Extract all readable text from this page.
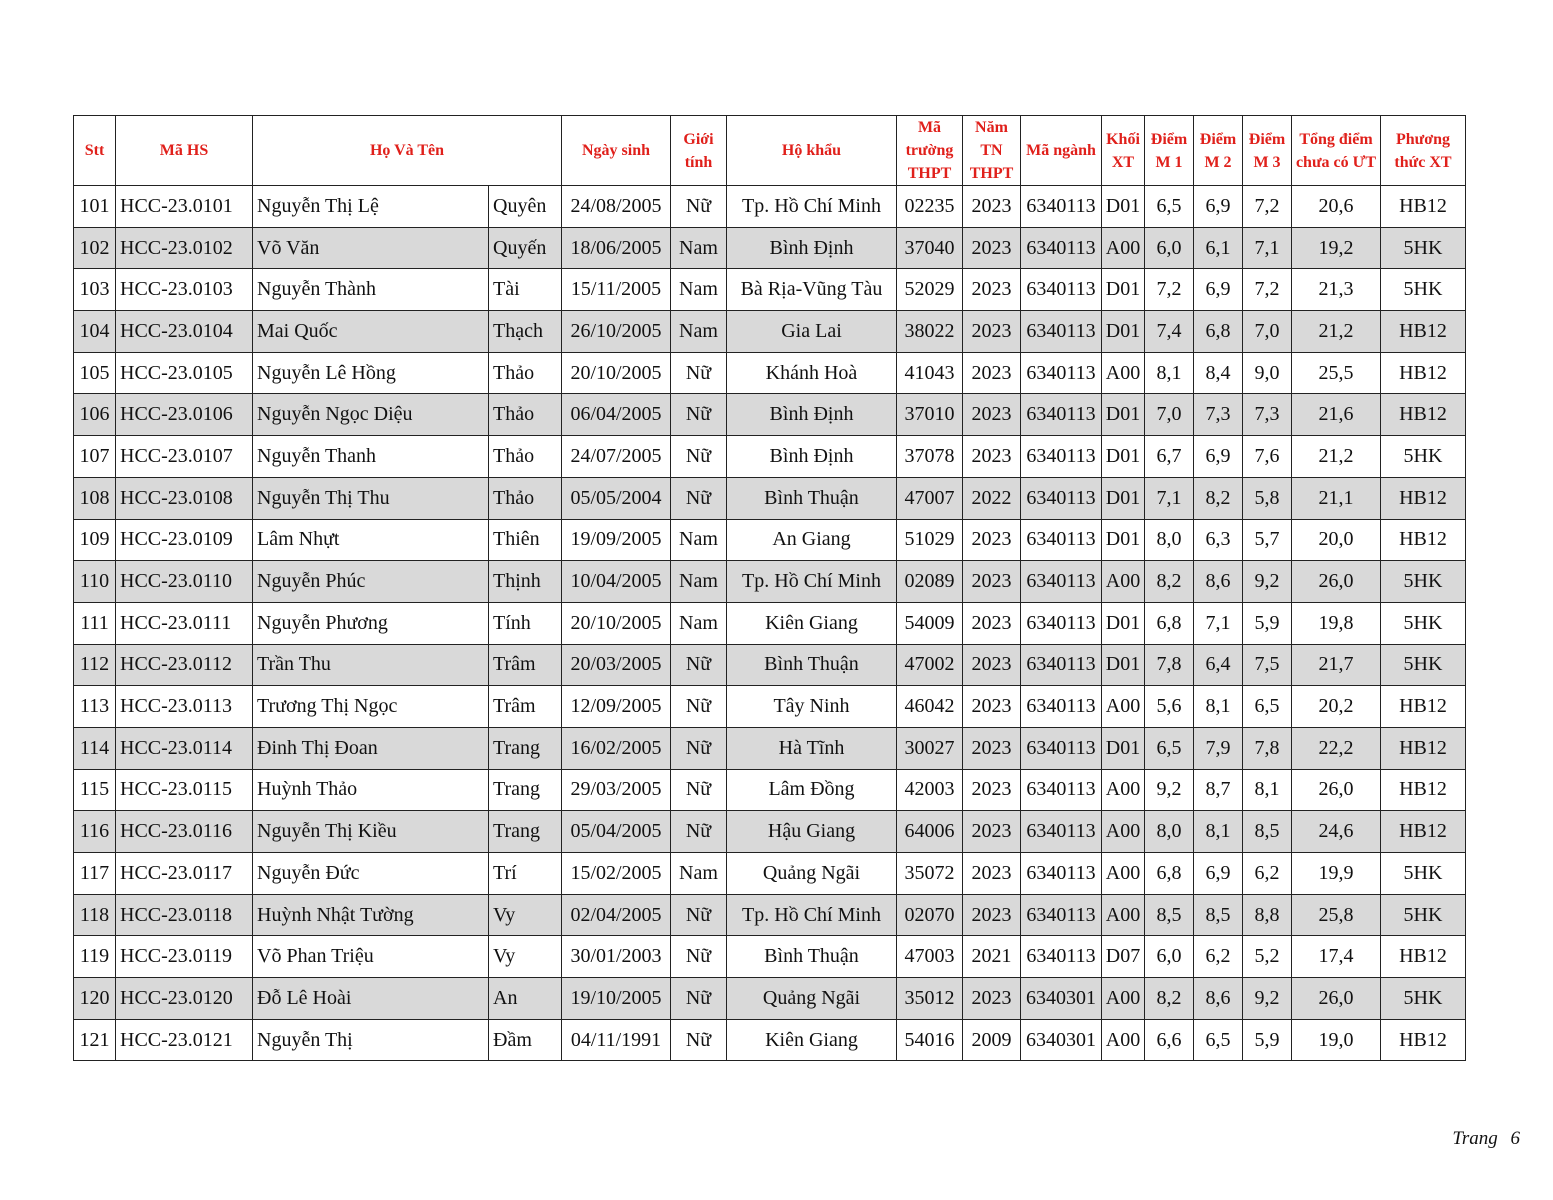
Stt	Mã HS	Họ Và Tên		Ngày sinh	Giới tính	Hộ khẩu	Mã trường THPT	Năm TN THPT	Mã ngành	Khối XT	Điểm M 1	Điểm M 2	Điểm M 3	Tổng điểm chưa có ƯT	Phương thức XT
101	HCC-23.0101	Nguyễn Thị Lệ	Quyên	24/08/2005	Nữ	Tp. Hồ Chí Minh	02235	2023	6340113	D01	6,5	6,9	7,2	20,6	HB12
102	HCC-23.0102	Võ Văn	Quyến	18/06/2005	Nam	Bình Định	37040	2023	6340113	A00	6,0	6,1	7,1	19,2	5HK
103	HCC-23.0103	Nguyễn Thành	Tài	15/11/2005	Nam	Bà Rịa-Vũng Tàu	52029	2023	6340113	D01	7,2	6,9	7,2	21,3	5HK
104	HCC-23.0104	Mai Quốc	Thạch	26/10/2005	Nam	Gia Lai	38022	2023	6340113	D01	7,4	6,8	7,0	21,2	HB12
105	HCC-23.0105	Nguyễn Lê Hồng	Thảo	20/10/2005	Nữ	Khánh Hoà	41043	2023	6340113	A00	8,1	8,4	9,0	25,5	HB12
106	HCC-23.0106	Nguyễn Ngọc Diệu	Thảo	06/04/2005	Nữ	Bình Định	37010	2023	6340113	D01	7,0	7,3	7,3	21,6	HB12
107	HCC-23.0107	Nguyễn Thanh	Thảo	24/07/2005	Nữ	Bình Định	37078	2023	6340113	D01	6,7	6,9	7,6	21,2	5HK
108	HCC-23.0108	Nguyễn Thị Thu	Thảo	05/05/2004	Nữ	Bình Thuận	47007	2022	6340113	D01	7,1	8,2	5,8	21,1	HB12
109	HCC-23.0109	Lâm Nhựt	Thiên	19/09/2005	Nam	An Giang	51029	2023	6340113	D01	8,0	6,3	5,7	20,0	HB12
110	HCC-23.0110	Nguyễn Phúc	Thịnh	10/04/2005	Nam	Tp. Hồ Chí Minh	02089	2023	6340113	A00	8,2	8,6	9,2	26,0	5HK
111	HCC-23.0111	Nguyễn Phương	Tính	20/10/2005	Nam	Kiên Giang	54009	2023	6340113	D01	6,8	7,1	5,9	19,8	5HK
112	HCC-23.0112	Trần Thu	Trâm	20/03/2005	Nữ	Bình Thuận	47002	2023	6340113	D01	7,8	6,4	7,5	21,7	5HK
113	HCC-23.0113	Trương Thị Ngọc	Trâm	12/09/2005	Nữ	Tây Ninh	46042	2023	6340113	A00	5,6	8,1	6,5	20,2	HB12
114	HCC-23.0114	Đinh Thị Đoan	Trang	16/02/2005	Nữ	Hà Tĩnh	30027	2023	6340113	D01	6,5	7,9	7,8	22,2	HB12
115	HCC-23.0115	Huỳnh Thảo	Trang	29/03/2005	Nữ	Lâm Đồng	42003	2023	6340113	A00	9,2	8,7	8,1	26,0	HB12
116	HCC-23.0116	Nguyễn Thị Kiều	Trang	05/04/2005	Nữ	Hậu Giang	64006	2023	6340113	A00	8,0	8,1	8,5	24,6	HB12
117	HCC-23.0117	Nguyễn Đức	Trí	15/02/2005	Nam	Quảng Ngãi	35072	2023	6340113	A00	6,8	6,9	6,2	19,9	5HK
118	HCC-23.0118	Huỳnh Nhật Tường	Vy	02/04/2005	Nữ	Tp. Hồ Chí Minh	02070	2023	6340113	A00	8,5	8,5	8,8	25,8	5HK
119	HCC-23.0119	Võ Phan Triệu	Vy	30/01/2003	Nữ	Bình Thuận	47003	2021	6340113	D07	6,0	6,2	5,2	17,4	HB12
120	HCC-23.0120	Đỗ Lê Hoài	An	19/10/2005	Nữ	Quảng Ngãi	35012	2023	6340301	A00	8,2	8,6	9,2	26,0	5HK
121	HCC-23.0121	Nguyễn Thị	Đầm	04/11/1991	Nữ	Kiên Giang	54016	2009	6340301	A00	6,6	6,5	5,9	19,0	HB12
Trang 6
